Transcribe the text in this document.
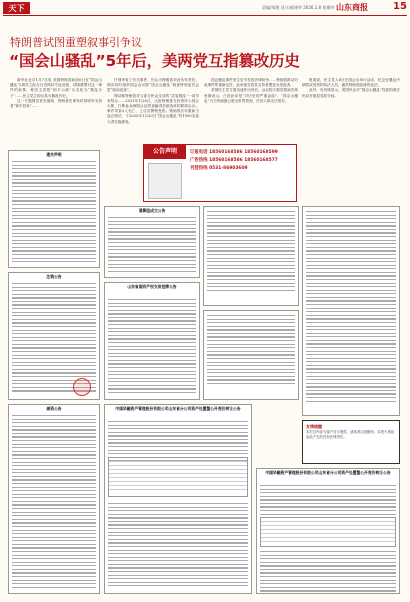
天下	责编/邹健 设计/郝建华 2026.1.8 星期四 山东商报	15
特朗普试图重塑叙事引争议
“国会山骚乱”5年后，美两党互指篡改历史

新华社北京1月7日电 美国特朗普政府6日在“国会山骚乱”5周年之际在白宫网站专设页面，试图重塑对这一事件的叙事，称民主党把“和平示威”污名化为“叛乱分子”……民主党立即斥其为篡改历史。

这一专题网页首先强调，特朗普在事发时曾呼吁支持者“和平回家”……

仔细审查了有关事件，仍认为特朗普对此负有责任。网页同时指责国会众议院“国会山骚乱”调查特别委员会是“政治迫害”。

网站称特朗普对与部分民众交谈的“武装叛乱”一说早有驳斥……2021年1月6日，大批特朗普支持者冲入国会大厦，打断参众两院认证拜登赢得总统选举的联席会议。事件导致5人死亡、上百名警察受伤。特朗普次年重新当选总统后，于2025年1月20日“国会山骚乱”约1500名参与者实施赦免。

国会骚乱事件发生后引发的法律纷争……特朗普推动对此事件的重新定性，此举意在将其支持者塑造为受害者。

美国民主党方面迅速作出回应。众议院少数党领袖杰弗里斯表示，白宫此举是“对历史的严重歪曲”，“国会山骚乱”当天的画面已被全世界看到，任何人都无法改写。

报道说，民主党人6日在国会山举行活动，纪念在骚乱中牺牲或受伤的执法人员，谴责特朗普政府的说法。

此外，有民调显示，美国民众对“国会山骚乱”性质的看法仍存在明显党派分歧。

公告声明	订报电话 18560168586 18560168599
广告热线 18560168586 18560168577
刊登热线 0531-86903609
遗失声明
注销公告
减资公告
清算组成立公告
山东省国有产权交易挂牌公告
友情提醒
本栏目内容为客户自行提供，请读者注意甄别，本报不承担由此产生的任何法律责任。
中国华融资产管理股份有限公司山东省分公司资产处置暨公开竞价转让公告
中国华融资产管理股份有限公司山东省分公司资产处置暨公开竞价转让公告
